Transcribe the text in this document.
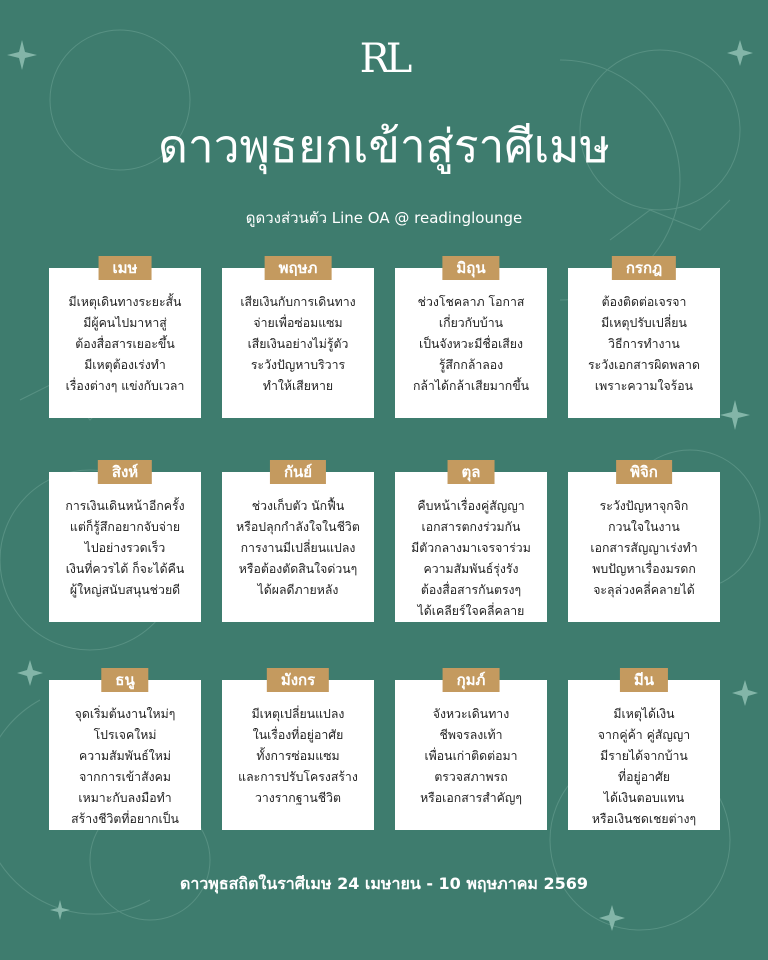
RL
ดาวพุธยกเข้าสู่ราศีเมษ
ดูดวงส่วนตัว Line OA @ readinglounge
เมษ
มีเหตุเดินทางระยะสั้น
มีผู้คนไปมาหาสู่
ต้องสื่อสารเยอะขึ้น
มีเหตุต้องเร่งทำ
เรื่องต่างๆ แข่งกับเวลา
พฤษภ
เสียเงินกับการเดินทาง
จ่ายเพื่อซ่อมแซม
เสียเงินอย่างไม่รู้ตัว
ระวังปัญหาบริวาร
ทำให้เสียหาย
มิถุน
ช่วงโชคลาภ โอกาส
เกี่ยวกับบ้าน
เป็นจังหวะมีชื่อเสียง
รู้สึกกล้าลอง
กล้าได้กล้าเสียมากขึ้น
กรกฎ
ต้องติดต่อเจรจา
มีเหตุปรับเปลี่ยน
วิธีการทำงาน
ระวังเอกสารผิดพลาด
เพราะความใจร้อน
สิงห์
การเงินเดินหน้าอีกครั้ง
แต่ก็รู้สึกอยากจับจ่าย
ไปอย่างรวดเร็ว
เงินที่ควรได้ ก็จะได้คืน
ผู้ใหญ่สนับสนุนช่วยดี
กันย์
ช่วงเก็บตัว นักฟื้น
หรือปลุกกำลังใจในชีวิต
การงานมีเปลี่ยนแปลง
หรือต้องตัดสินใจด่วนๆ
ได้ผลดีภายหลัง
ตุล
คืบหน้าเรื่องคู่สัญญา
เอกสารตกงร่วมกัน
มีตัวกลางมาเจรจาร่วม
ความสัมพันธ์รุ่งรัง
ต้องสื่อสารกันตรงๆ
ได้เคลียร์ใจคลี่คลาย
พิจิก
ระวังปัญหาจุกจิก
กวนใจในงาน
เอกสารสัญญาเร่งทำ
พบปัญหาเรื่องมรดก
จะลุล่วงคลี่คลายได้
ธนู
จุดเริ่มต้นงานใหม่ๆ
โปรเจคใหม่
ความสัมพันธ์ใหม่
จากการเข้าสังคม
เหมาะกับลงมือทำ
สร้างชีวิตที่อยากเป็น
มังกร
มีเหตุเปลี่ยนแปลง
ในเรื่องที่อยู่อาศัย
ทั้งการซ่อมแซม
และการปรับโครงสร้าง
วางรากฐานชีวิต
กุมภ์
จังหวะเดินทาง
ชีพจรลงเท้า
เพื่อนเก่าติดต่อมา
ตรวจสภาพรถ
หรือเอกสารสำคัญๆ
มีน
มีเหตุได้เงิน
จากคู่ค้า คู่สัญญา
มีรายได้จากบ้าน
ที่อยู่อาศัย
ได้เงินตอบแทน
หรือเงินชดเชยต่างๆ
ดาวพุธสถิตในราศีเมษ 24 เมษายน - 10 พฤษภาคม 2569
